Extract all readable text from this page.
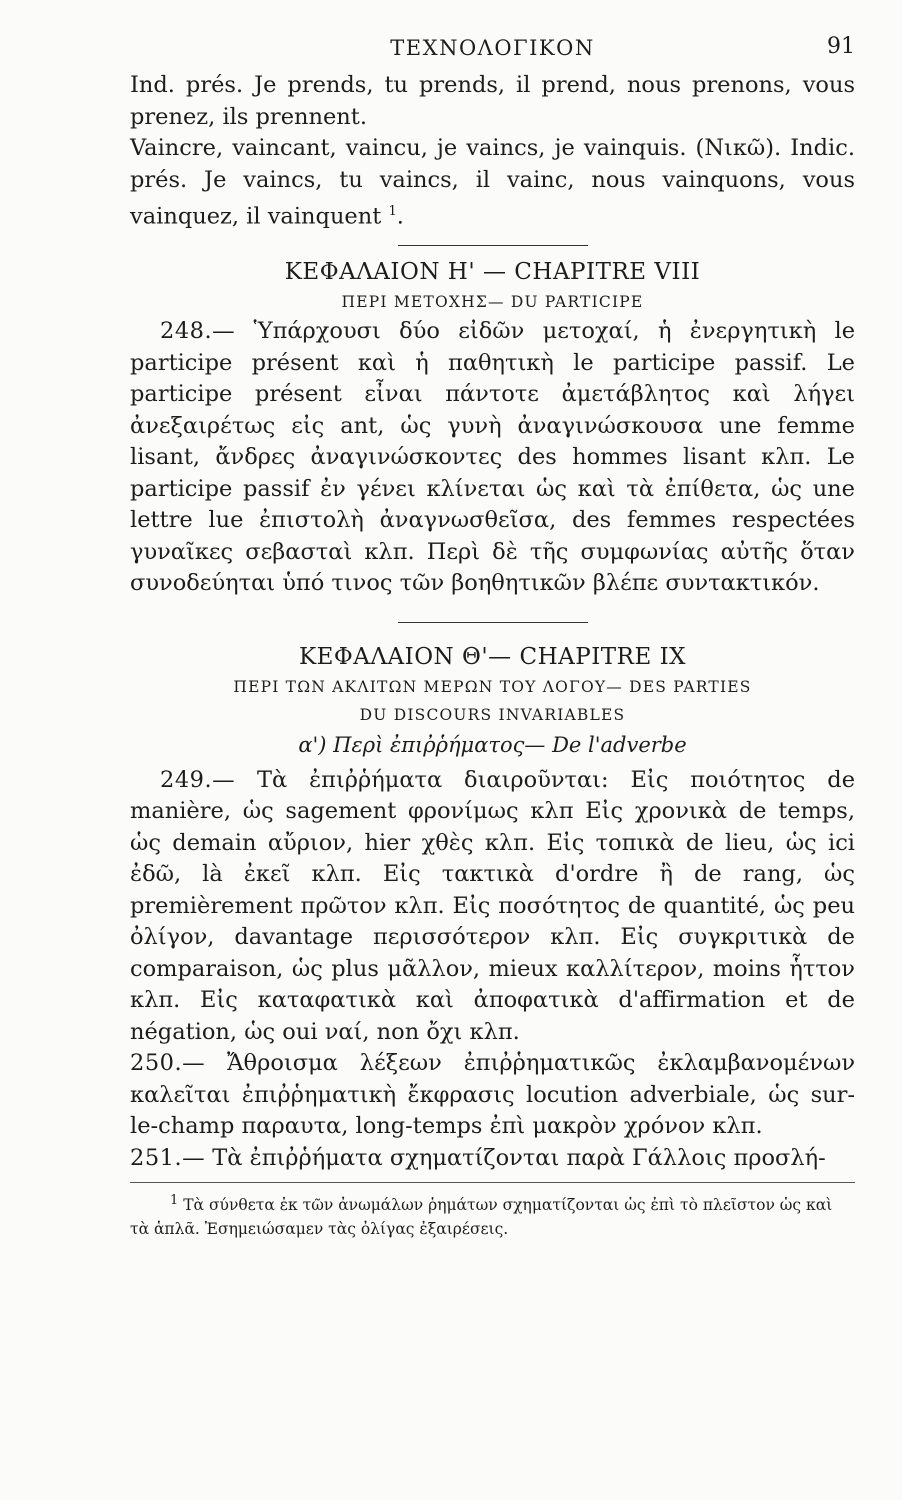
ΤΕΧΝΟΛΟΓΙΚΟΝ	91

Ind. prés. Je prends, tu prends, il prend, nous prenons, vous prenez, ils prennent.

Vaincre, vaincant, vaincu, je vaincs, je vainquis. (Νικῶ). Indic. prés. Je vaincs, tu vaincs, il vainc, nous vainquons, vous vainquez, il vainquent $^1$.

ΚΕΦΑΛΑΙΟΝ Η' — CHAPITRE VIII
ΠΕΡΙ ΜΕΤΟΧΗΣ— DU PARTICIPE

248.— Ὑπάρχουσι δύο εἰδῶν μετοχαί, ἡ ἐνεργητικὴ le participe présent καὶ ἡ παθητικὴ le participe passif. Le participe présent εἶναι πάντοτε ἀμετάβλητος καὶ λήγει ἀνεξαιρέτως εἰς ant, ὡς γυνὴ ἀναγινώσκουσα une femme lisant, ἄνδρες ἀναγινώσκοντες des hommes lisant κλπ. Le participe passif ἐν γένει κλίνεται ὡς καὶ τὰ ἐπίθετα, ὡς une lettre lue ἐπιστολὴ ἀναγνωσθεῖσα, des femmes respectées γυναῖκες σεβασταὶ κλπ. Περὶ δὲ τῆς συμφωνίας αὐτῆς ὅταν συνοδεύηται ὑπό τινος τῶν βοηθητικῶν βλέπε συντακτικόν.

ΚΕΦΑΛΑΙΟΝ Θ'— CHAPITRE IX
ΠΕΡΙ ΤΩΝ ΑΚΛΙΤΩΝ ΜΕΡΩΝ ΤΟΥ ΛΟΓΟΥ— DES PARTIES
DU DISCOURS INVARIABLES
α') Περὶ ἐπιῤῥήματος— De l'adverbe

249.— Τὰ ἐπιῤῥήματα διαιροῦνται: Εἰς ποιότητος de manière, ὡς sagement φρονίμως κλπ Εἰς χρονικὰ de temps, ὡς demain αὔριον, hier χθὲς κλπ. Εἰς τοπικὰ de lieu, ὡς ici ἐδῶ, là ἐκεῖ κλπ. Εἰς τακτικὰ d'ordre ἢ de rang, ὡς premièrement πρῶτον κλπ. Εἰς ποσότητος de quantité, ὡς peu ὀλίγον, davantage περισσότερον κλπ. Εἰς συγκριτικὰ de comparaison, ὡς plus μᾶλλον, mieux καλλίτερον, moins ἧττον κλπ. Εἰς καταφατικὰ καὶ ἀποφατικὰ d'affirmation et de négation, ὡς oui ναί, non ὄχι κλπ.

250.— Ἄθροισμα λέξεων ἐπιῤῥηματικῶς ἐκλαμβανομένων καλεῖται ἐπιῤῥηματικὴ ἔκφρασις locution adverbiale, ὡς sur-le-champ παραυτα, long-temps ἐπὶ μακρὸν χρόνον κλπ.

251.— Τὰ ἐπιῤῥήματα σχηματίζονται παρὰ Γάλλοις προσλή-

$^1$ Τὰ σύνθετα ἐκ τῶν ἀνωμάλων ῥημάτων σχηματίζονται ὡς ἐπὶ τὸ πλεῖστον ὡς καὶ τὰ ἁπλᾶ. Ἐσημειώσαμεν τὰς ὀλίγας ἐξαιρέσεις.
